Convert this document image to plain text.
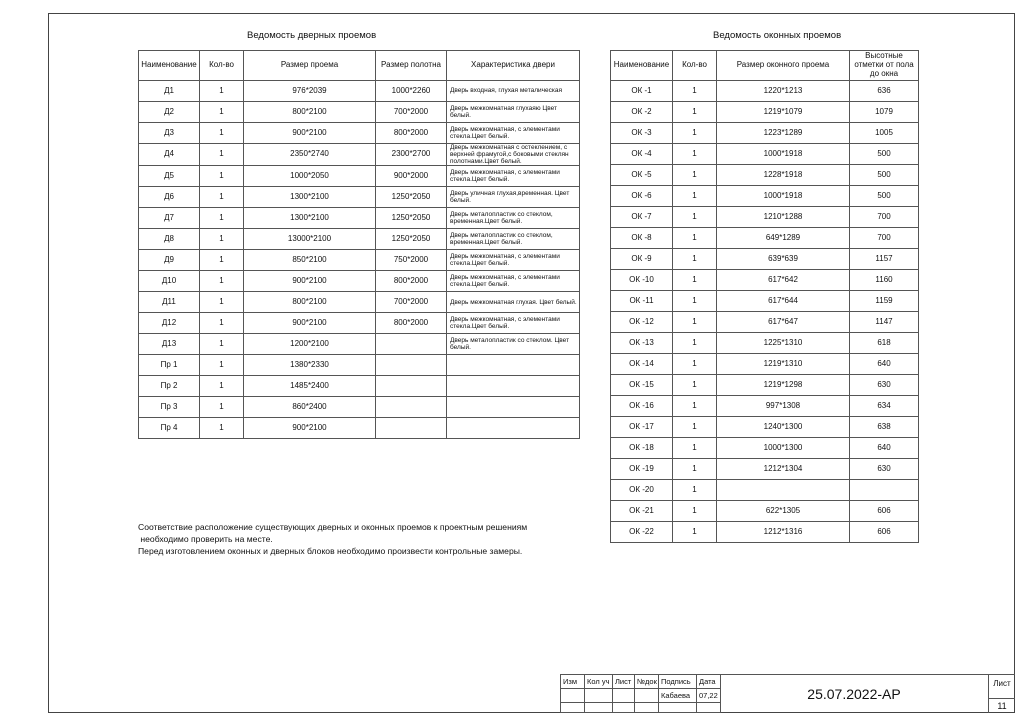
Ведомость дверных проемов	Ведомость оконных проемов
Наименование	Кол-во	Размер проема	Размер полотна	Характеристика двери
Д1	1	976*2039	1000*2260	Дверь входная, глухая металическая
Д2	1	800*2100	700*2000	Дверь межкомнатная глухаяю Цвет белый.
Д3	1	900*2100	800*2000	Дверь межкомнатная, с элементами стекла.Цвет белый.
Д4	1	2350*2740	2300*2700	Дверь межкомнатная с остеклением, с верхней фрамугой,с боковыми стеклян полотнами.Цвет белый.
Д5	1	1000*2050	900*2000	Дверь межкомнатная, с элементами стекла.Цвет белый.
Д6	1	1300*2100	1250*2050	Дверь уличная глухая,временная. Цвет белый.
Д7	1	1300*2100	1250*2050	Дверь металопластик со стеклом, временная.Цвет белый.
Д8	1	13000*2100	1250*2050	Дверь металопластик со стеклом, временная.Цвет белый.
Д9	1	850*2100	750*2000	Дверь межкомнатная, с элементами стекла.Цвет белый.
Д10	1	900*2100	800*2000	Дверь межкомнатная, с элементами стекла.Цвет белый.
Д11	1	800*2100	700*2000	Дверь межкомнатная глухая. Цвет белый.
Д12	1	900*2100	800*2000	Дверь межкомнатная, с элементами стекла.Цвет белый.
Д13	1	1200*2100		Дверь металопластик со стеклом. Цвет белый.
Пр 1	1	1380*2330		
Пр 2	1	1485*2400		
Пр 3	1	860*2400		
Пр 4	1	900*2100		
Наименование	Кол-во	Размер оконного проема	Высотные отметки от пола до окна
ОК -1	1	1220*1213	636
ОК -2	1	1219*1079	1079
ОК -3	1	1223*1289	1005
ОК -4	1	1000*1918	500
ОК -5	1	1228*1918	500
ОК -6	1	1000*1918	500
ОК -7	1	1210*1288	700
ОК -8	1	649*1289	700
ОК -9	1	639*639	1157
ОК -10	1	617*642	1160
ОК -11	1	617*644	1159
ОК -12	1	617*647	1147
ОК -13	1	1225*1310	618
ОК -14	1	1219*1310	640
ОК -15	1	1219*1298	630
ОК -16	1	997*1308	634
ОК -17	1	1240*1300	638
ОК -18	1	1000*1300	640
ОК -19	1	1212*1304	630
ОК -20	1		
ОК -21	1	622*1305	606
ОК -22	1	1212*1316	606
Соответствие расположение существующих дверных и оконных проемов к проектным решениям
необходимо проверить на месте.
Перед изготовлением оконных и дверных блоков необходимо произвести контрольные замеры.
Изм	Кол уч	Лист	№док	Подпись	Дата
				Кабаева	07,22
						25.07.2022-АР
Лист
11
